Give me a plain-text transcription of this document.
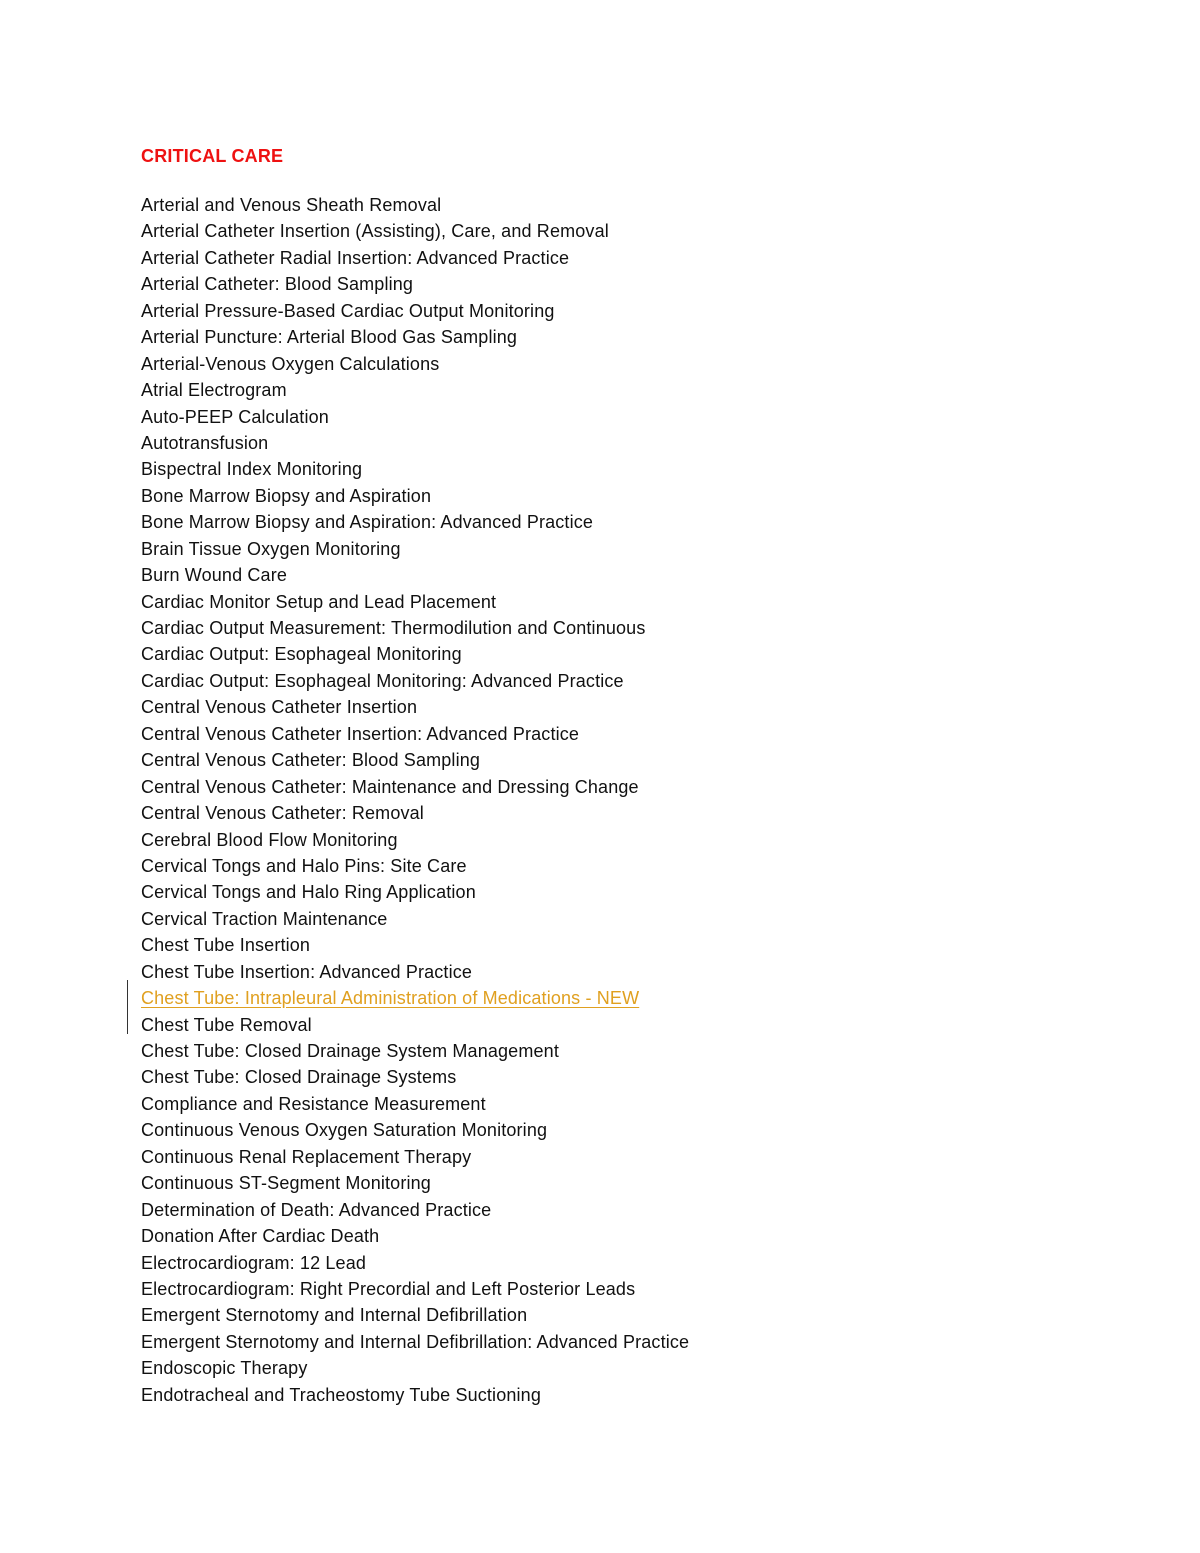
CRITICAL CARE
Arterial and Venous Sheath Removal
Arterial Catheter Insertion (Assisting), Care, and Removal
Arterial Catheter Radial Insertion: Advanced Practice
Arterial Catheter: Blood Sampling
Arterial Pressure-Based Cardiac Output Monitoring
Arterial Puncture: Arterial Blood Gas Sampling
Arterial-Venous Oxygen Calculations
Atrial Electrogram
Auto-PEEP Calculation
Autotransfusion
Bispectral Index Monitoring
Bone Marrow Biopsy and Aspiration
Bone Marrow Biopsy and Aspiration: Advanced Practice
Brain Tissue Oxygen Monitoring
Burn Wound Care
Cardiac Monitor Setup and Lead Placement
Cardiac Output Measurement: Thermodilution and Continuous
Cardiac Output: Esophageal Monitoring
Cardiac Output: Esophageal Monitoring: Advanced Practice
Central Venous Catheter Insertion
Central Venous Catheter Insertion: Advanced Practice
Central Venous Catheter: Blood Sampling
Central Venous Catheter: Maintenance and Dressing Change
Central Venous Catheter: Removal
Cerebral Blood Flow Monitoring
Cervical Tongs and Halo Pins: Site Care
Cervical Tongs and Halo Ring Application
Cervical Traction Maintenance
Chest Tube Insertion
Chest Tube Insertion: Advanced Practice
Chest Tube: Intrapleural Administration of Medications - NEW
Chest Tube Removal
Chest Tube: Closed Drainage System Management
Chest Tube: Closed Drainage Systems
Compliance and Resistance Measurement
Continuous Venous Oxygen Saturation Monitoring
Continuous Renal Replacement Therapy
Continuous ST-Segment Monitoring
Determination of Death: Advanced Practice
Donation After Cardiac Death
Electrocardiogram: 12 Lead
Electrocardiogram: Right Precordial and Left Posterior Leads
Emergent Sternotomy and Internal Defibrillation
Emergent Sternotomy and Internal Defibrillation: Advanced Practice
Endoscopic Therapy
Endotracheal and Tracheostomy Tube Suctioning
